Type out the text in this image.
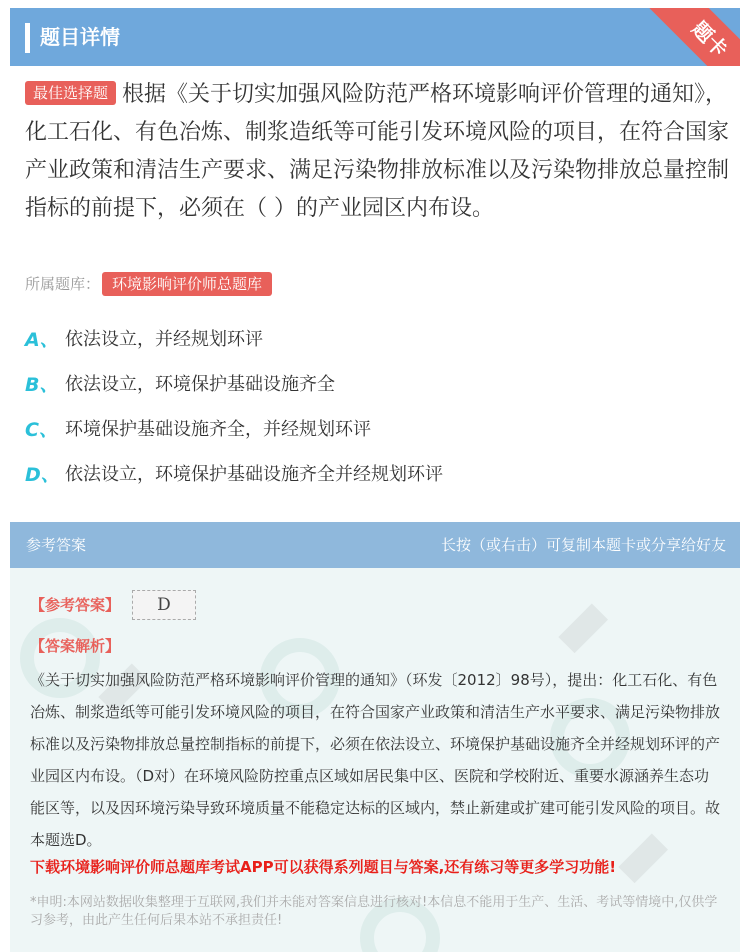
题目详情	题卡
最佳选择题 根据《关于切实加强风险防范严格环境影响评价管理的通知》，化工石化、有色冶炼、制浆造纸等可能引发环境风险的项目，在符合国家产业政策和清洁生产要求、满足污染物排放标准以及污染物排放总量控制指标的前提下，必须在（ ）的产业园区内布设。
所属题库： 环境影响评价师总题库
A、 依法设立，并经规划环评
B、 依法设立，环境保护基础设施齐全
C、 环境保护基础设施齐全，并经规划环评
D、 依法设立，环境保护基础设施齐全并经规划环评
参考答案	长按（或右击）可复制本题卡或分享给好友
▮
▮
▮
【参考答案】	D
【答案解析】
《关于切实加强风险防范严格环境影响评价管理的通知》（环发〔2012〕98号），提出：化工石化、有色冶炼、制浆造纸等可能引发环境风险的项目，在符合国家产业政策和清洁生产水平要求、满足污染物排放标准以及污染物排放总量控制指标的前提下，必须在依法设立、环境保护基础设施齐全并经规划环评的产业园区内布设。（D对）在环境风险防控重点区域如居民集中区、医院和学校附近、重要水源涵养生态功能区等，以及因环境污染导致环境质量不能稳定达标的区域内，禁止新建或扩建可能引发风险的项目。故本题选D。
下载环境影响评价师总题库考试APP可以获得系列题目与答案,还有练习等更多学习功能!
*申明:本网站数据收集整理于互联网,我们并未能对答案信息进行核对!本信息不能用于生产、生活、考试等情境中,仅供学习参考，由此产生任何后果本站不承担责任!
